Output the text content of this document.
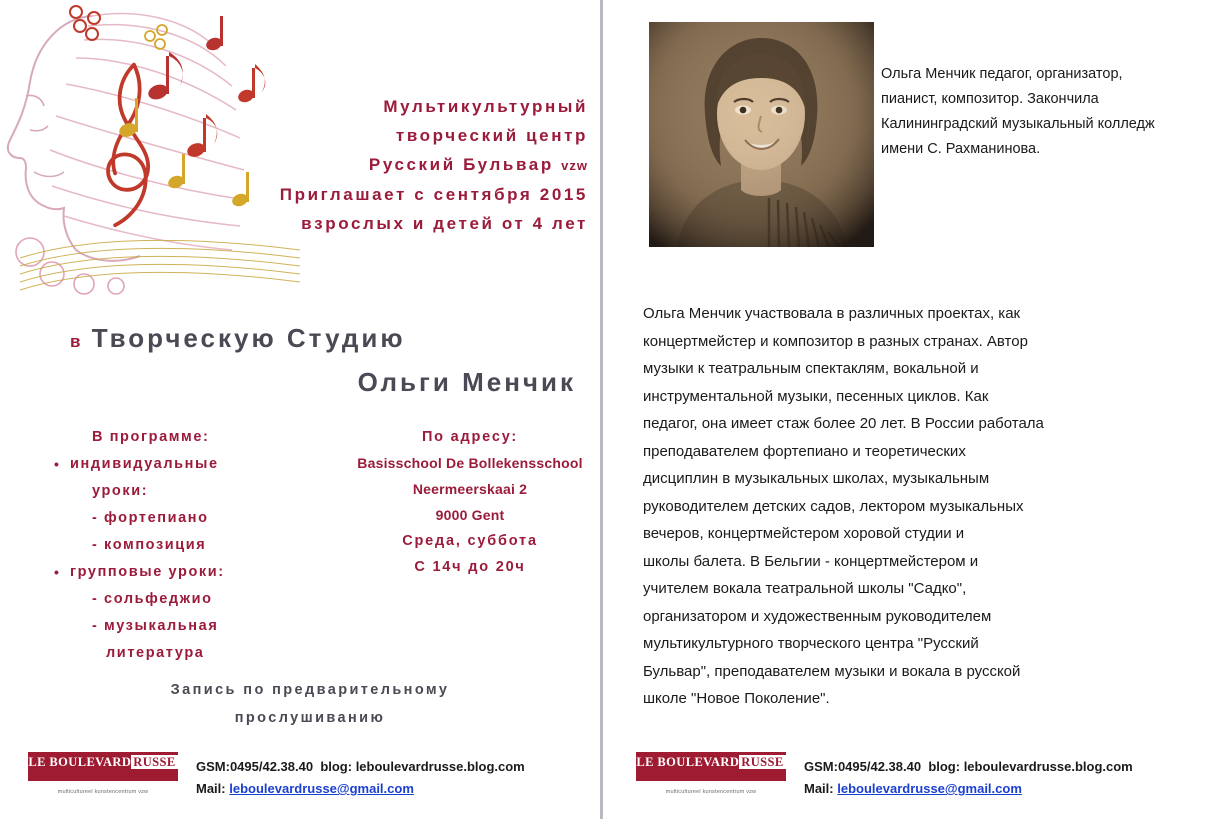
Мультикультурный
творческий центр
Русский Бульвар vzw
Приглашает с сентября 2015
взрослых и детей от 4 лет
в Творческую Студию
Ольги Менчик
В программе:
• индивидуальные
уроки:
- фортепиано
- композиция
• групповые уроки:
- сольфеджио
- музыкальная
литература
По адресу:
Basisschool De Bollekensschool
Neermeerskaai 2
9000 Gent
Среда, суббота
С 14ч до 20ч
Запись по предварительному
прослушиванию
LE BOULEVARD RUSSE
multicultureel kunstencentrum vzw
GSM:0495/42.38.40 blog: leboulevardrusse.blog.com
Mail: leboulevardrusse@gmail.com
Ольга Менчик педагог, организатор, пианист, композитор. Закончила Калининградский музыкальный колледж имени С. Рахманинова.

Ольга Менчик участвовала в различных проектах, как
концертмейстер и композитор в разных странах. Автор
музыки к театральным спектаклям, вокальной и
инструментальной музыки, песенных циклов. Как
педагог, она имеет стаж более 20 лет. В России работала
преподавателем фортепиано и теоретических
дисциплин в музыкальных школах, музыкальным
руководителем детских садов, лектором музыкальных
вечеров, концертмейстером хоровой студии и
школы балета. В Бельгии - концертмейстером и
учителем вокала театральной школы "Садко",
организатором и художественным руководителем
мультикультурного творческого центра "Русский
Бульвар", преподавателем музыки и вокала в русской
школе "Новое Поколение".

LE BOULEVARD RUSSE
multicultureel kunstencentrum vzw
GSM:0495/42.38.40 blog: leboulevardrusse.blog.com
Mail: leboulevardrusse@gmail.com
